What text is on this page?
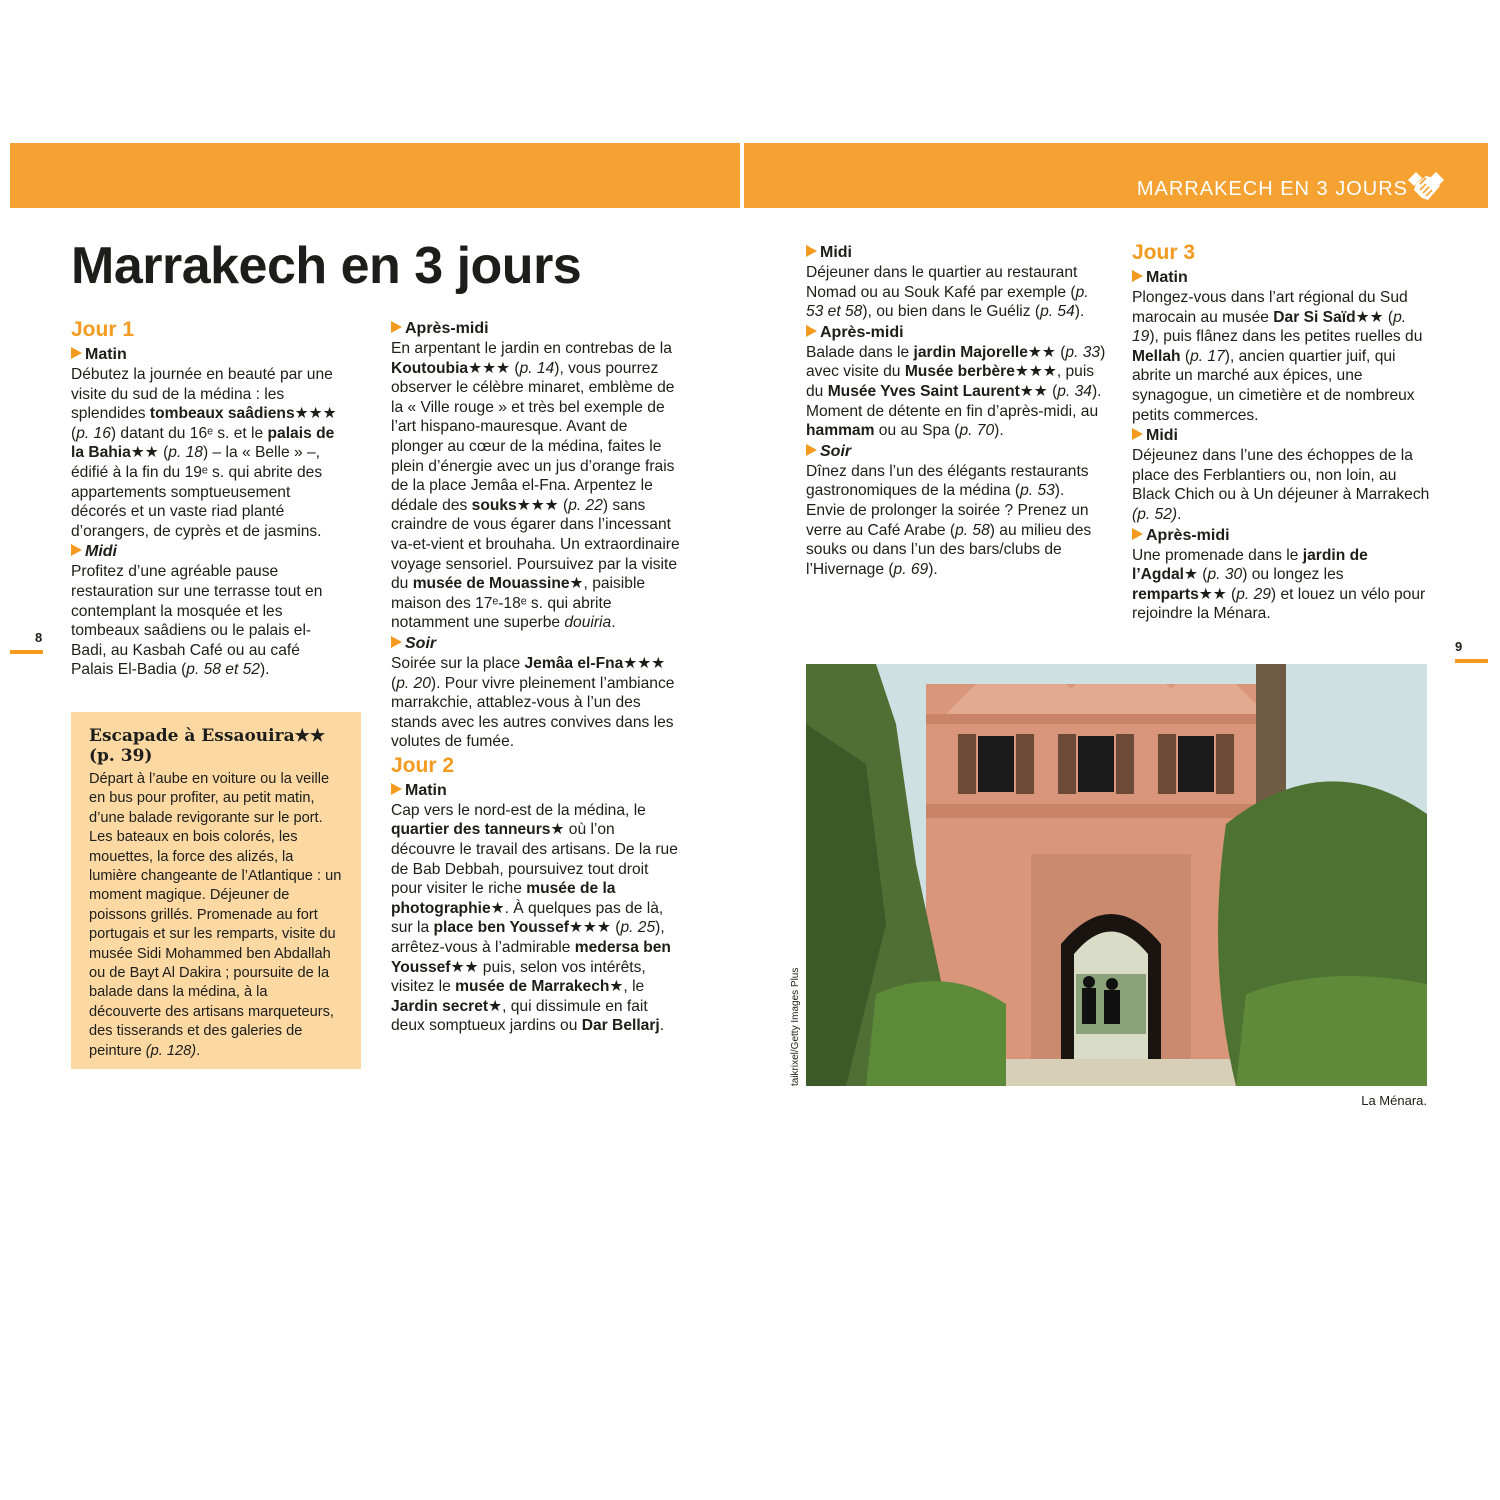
MARRAKECH EN 3 JOURS
Marrakech en 3 jours
Jour 1
Matin

Débutez la journée en beauté par une visite du sud de la médina : les splendides tombeaux saâdiens★★★ (p. 16) datant du 16ᵉ s. et le palais de la Bahia★★ (p. 18) – la « Belle » –, édifié à la fin du 19ᵉ s. qui abrite des appartements somptueusement décorés et un vaste riad planté d’orangers, de cyprès et de jasmins.

Midi

Profitez d’une agréable pause restauration sur une terrasse tout en contemplant la mosquée et les tombeaux saâdiens ou le palais el-Badi, au Kasbah Café ou au café Palais El-Badia (p. 58 et 52).

Après-midi

En arpentant le jardin en contrebas de la Koutoubia★★★ (p. 14), vous pourrez observer le célèbre minaret, emblème de la « Ville rouge » et très bel exemple de l’art hispano-mauresque. Avant de plonger au cœur de la médina, faites le plein d’énergie avec un jus d’orange frais de la place Jemâa el-Fna. Arpentez le dédale des souks★★★ (p. 22) sans craindre de vous égarer dans l’incessant va-et-vient et brouhaha. Un extraordinaire voyage sensoriel. Poursuivez par la visite du musée de Mouassine★, paisible maison des 17ᵉ-18ᵉ s. qui abrite notamment une superbe douiria.

Soir

Soirée sur la place Jemâa el-Fna★★★ (p. 20). Pour vivre pleinement l’ambiance marrakchie, attablez-vous à l’un des stands avec les autres convives dans les volutes de fumée.

Jour 2
Matin

Cap vers le nord-est de la médina, le quartier des tanneurs★ où l’on découvre le travail des artisans. De la rue de Bab Debbah, poursuivez tout droit pour visiter le riche musée de la photographie★. À quelques pas de là, sur la place ben Youssef★★★ (p. 25), arrêtez-vous à l’admirable medersa ben Youssef★★ puis, selon vos intérêts, visitez le musée de Marrakech★, le Jardin secret★, qui dissimule en fait deux somptueux jardins ou Dar Bellarj.

Midi

Déjeuner dans le quartier au restaurant Nomad ou au Souk Kafé par exemple (p. 53 et 58), ou bien dans le Guéliz (p. 54).

Après-midi

Balade dans le jardin Majorelle★★ (p. 33) avec visite du Musée berbère★★★, puis du Musée Yves Saint Laurent★★ (p. 34). Moment de détente en fin d’après-midi, au hammam ou au Spa (p. 70).

Soir

Dînez dans l’un des élégants restaurants gastronomiques de la médina (p. 53). Envie de prolonger la soirée ? Prenez un verre au Café Arabe (p. 58) au milieu des souks ou dans l’un des bars/clubs de l’Hivernage (p. 69).

Jour 3
Matin

Plongez-vous dans l’art régional du Sud marocain au musée Dar Si Saïd★★ (p. 19), puis flânez dans les petites ruelles du Mellah (p. 17), ancien quartier juif, qui abrite un marché aux épices, une synagogue, un cimetière et de nombreux petits commerces.

Midi

Déjeunez dans l’une des échoppes de la place des Ferblantiers ou, non loin, au Black Chich ou à Un déjeuner à Marrakech (p. 52).

Après-midi

Une promenade dans le jardin de l’Agdal★ (p. 30) ou longez les remparts★★ (p. 29) et louez un vélo pour rejoindre la Ménara.

Escapade à Essaouira★★ (p. 39)

Départ à l’aube en voiture ou la veille en bus pour profiter, au petit matin, d’une balade revigorante sur le port. Les bateaux en bois colorés, les mouettes, la force des alizés, la lumière changeante de l’Atlantique : un moment magique. Déjeuner de poissons grillés. Promenade au fort portugais et sur les remparts, visite du musée Sidi Mohammed ben Abdallah ou de Bayt Al Dakira ; poursuite de la balade dans la médina, à la découverte des artisans marqueteurs, des tisserands et des galeries de peinture (p. 128).

8
9
taikrixel/Getty Images Plus
La Ménara.
